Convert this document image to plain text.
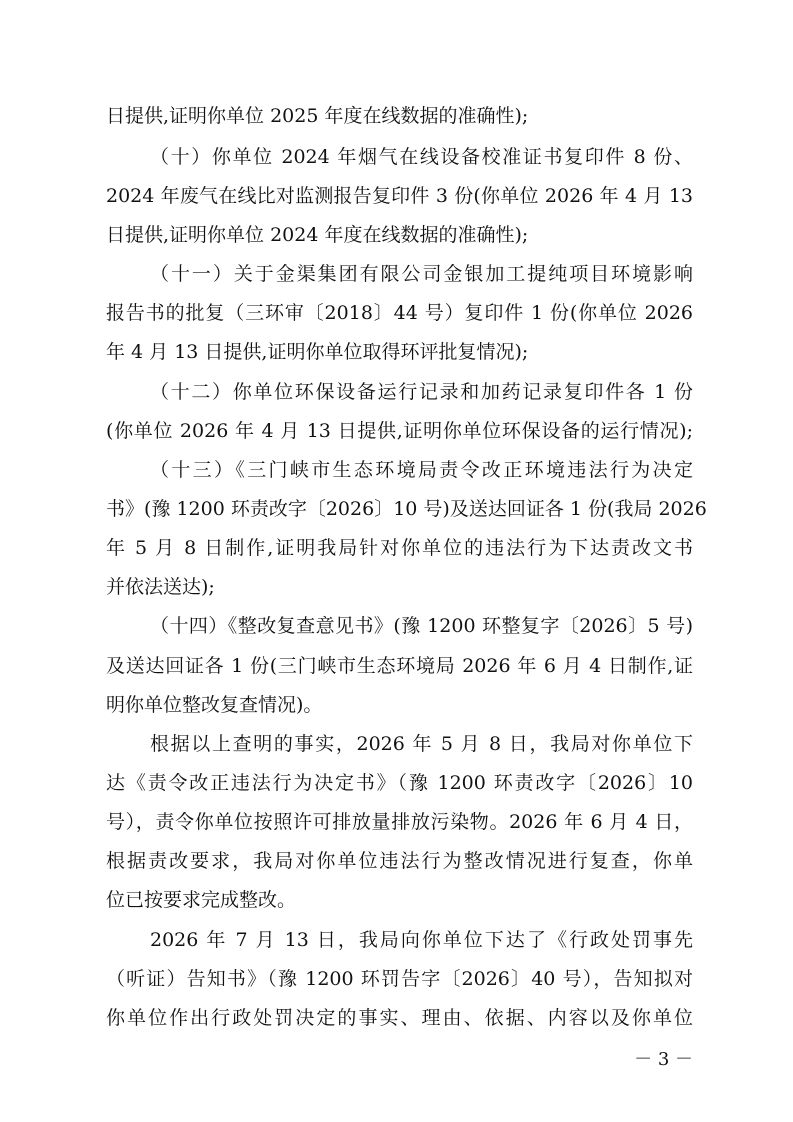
日提供,证明你单位 2025 年度在线数据的准确性);
（十）你单位 2024 年烟气在线设备校准证书复印件 8 份、
2024 年废气在线比对监测报告复印件 3 份(你单位 2026 年 4 月 13
日提供,证明你单位 2024 年度在线数据的准确性);
（十一）关于金渠集团有限公司金银加工提纯项目环境影响
报告书的批复（三环审〔2018〕44 号）复印件 1 份(你单位 2026
年 4 月 13 日提供,证明你单位取得环评批复情况);
（十二）你单位环保设备运行记录和加药记录复印件各 1 份
(你单位 2026 年 4 月 13 日提供,证明你单位环保设备的运行情况);
（十三）《三门峡市生态环境局责令改正环境违法行为决定
书》(豫 1200 环责改字〔2026〕10 号)及送达回证各 1 份(我局 2026
年 5 月 8 日制作,证明我局针对你单位的违法行为下达责改文书
并依法送达);
（十四）《整改复查意见书》(豫 1200 环整复字〔2026〕5 号)
及送达回证各 1 份(三门峡市生态环境局 2026 年 6 月 4 日制作,证
明你单位整改复查情况)。
根据以上查明的事实，2026 年 5 月 8 日，我局对你单位下
达《责令改正违法行为决定书》（豫 1200 环责改字〔2026〕10
号），责令你单位按照许可排放量排放污染物。2026 年 6 月 4 日，
根据责改要求，我局对你单位违法行为整改情况进行复查，你单
位已按要求完成整改。
2026 年 7 月 13 日，我局向你单位下达了《行政处罚事先
（听证）告知书》（豫 1200 环罚告字〔2026〕40 号），告知拟对
你单位作出行政处罚决定的事实、理由、依据、内容以及你单位
－ 3 －
